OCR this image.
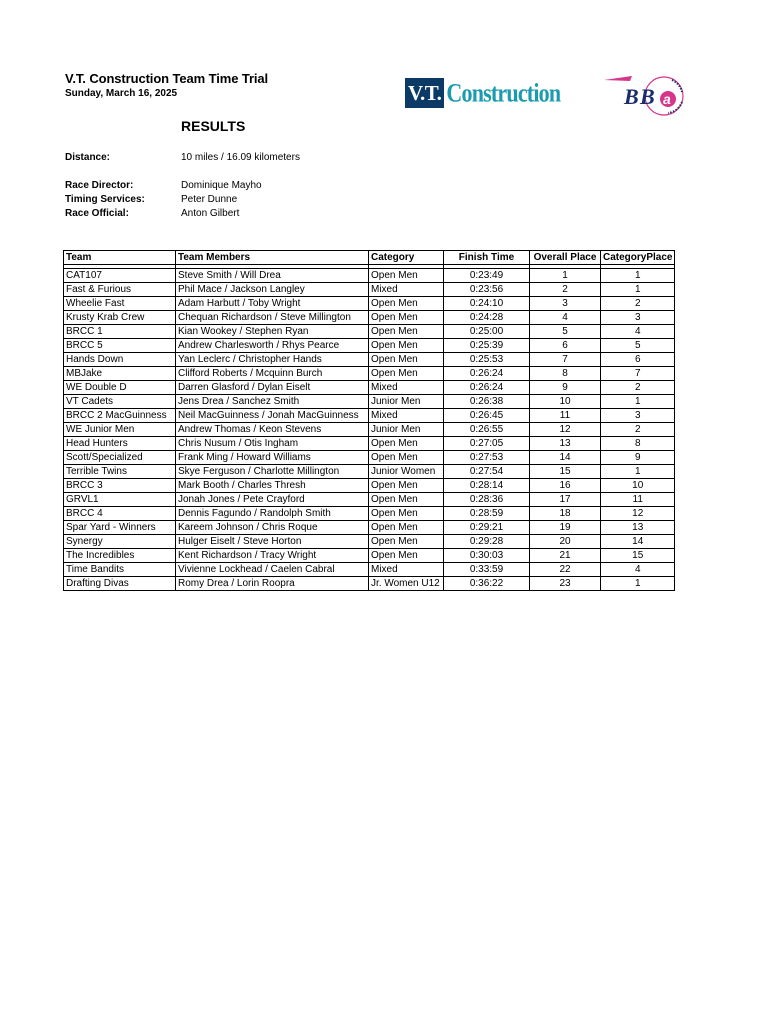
V.T. Construction Team Time Trial
Sunday, March 16, 2025	V.T. Construction	B B a
RESULTS
Distance:	10 miles / 16.09 kilometers
Race Director:	Dominique Mayho
Timing Services:	Peter Dunne
Race Official:	Anton Gilbert
Team	Team Members	Category	Finish Time	Overall Place	CategoryPlace

CAT107	Steve Smith / Will Drea	Open Men	0:23:49	1	1
Fast & Furious	Phil Mace / Jackson Langley	Mixed	0:23:56	2	1
Wheelie Fast	Adam Harbutt / Toby Wright	Open Men	0:24:10	3	2
Krusty Krab Crew	Chequan Richardson / Steve Millington	Open Men	0:24:28	4	3
BRCC 1	Kian Wookey / Stephen Ryan	Open Men	0:25:00	5	4
BRCC 5	Andrew Charlesworth / Rhys Pearce	Open Men	0:25:39	6	5
Hands Down	Yan Leclerc / Christopher Hands	Open Men	0:25:53	7	6
MBJake	Clifford Roberts / Mcquinn Burch	Open Men	0:26:24	8	7
WE Double D	Darren Glasford / Dylan Eiselt	Mixed	0:26:24	9	2
VT Cadets	Jens Drea / Sanchez Smith	Junior Men	0:26:38	10	1
BRCC 2 MacGuinness	Neil MacGuinness / Jonah MacGuinness	Mixed	0:26:45	11	3
WE Junior Men	Andrew Thomas / Keon Stevens	Junior Men	0:26:55	12	2
Head Hunters	Chris Nusum / Otis Ingham	Open Men	0:27:05	13	8
Scott/Specialized	Frank Ming / Howard Williams	Open Men	0:27:53	14	9
Terrible Twins	Skye Ferguson / Charlotte Millington	Junior Women	0:27:54	15	1
BRCC 3	Mark Booth / Charles Thresh	Open Men	0:28:14	16	10
GRVL1	Jonah Jones / Pete Crayford	Open Men	0:28:36	17	11
BRCC 4	Dennis Fagundo / Randolph Smith	Open Men	0:28:59	18	12
Spar Yard - Winners	Kareem Johnson / Chris Roque	Open Men	0:29:21	19	13
Synergy	Hulger Eiselt / Steve Horton	Open Men	0:29:28	20	14
The Incredibles	Kent Richardson / Tracy Wright	Open Men	0:30:03	21	15
Time Bandits	Vivienne Lockhead / Caelen Cabral	Mixed	0:33:59	22	4
Drafting Divas	Romy Drea / Lorin Roopra	Jr. Women U12	0:36:22	23	1
